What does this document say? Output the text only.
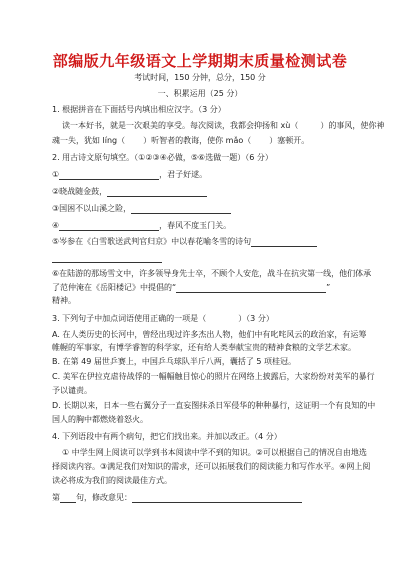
部编版九年级语文上学期期末质量检测试卷
考试时间，150 分钟，总分，150 分
一、积累运用（25 分）
1. 根据拼音在下面括号内填出相应汉字。（3 分）
读一本好书，就是一次艰美的享受。每次阅读，我都会抑扬和 xù（	）的事风，使你神
魂一失，犹如 líng（ ）听智者的教诲，使你 mǎo（ ）塞顿开。
2. 用古诗文原句填空。（①②③④必做，⑤⑥选做一题）（6 分）
①	，君子好逑。
②晓战随金鼓，
③国困不以山溪之险，
④	，春风不度玉门关。
⑤岑参在《白雪歌送武判官归京》中以春花喻冬雪的诗句
⑥在陆游的那场雪文中，许多领导身先士卒，不顾个人安危，战斗在抗灾第一线，他们体承
了范仲淹在《岳阳楼记》中提倡的“	”
精神。
3. 下列句子中加点词语使用正确的一项是（	）（3 分）
A. 在人类历史的长河中，曾经出现过许多杰出人物，他们中有叱咤风云的政治家，有运筹
帷幄的军事家，有博学睿智的科学家，还有给人类奉献宝贵的精神食粮的文学艺术家。
B. 在第 49 届世乒赛上，中国乒乓球队半斤八两，囊括了 5 项桂冠。
C. 美军在伊拉克虐待战俘的一幅幅触目惊心的照片在网络上披露后，大家纷纷对美军的暴行
予以谴责。
D. 长期以来，日本一些右翼分子一直妄图抹杀日军侵华的种种暴行，这证明一个有良知的中
国人的胸中都燃烧着怒火。
4. 下列语段中有两个病句，把它们找出来。并加以改正。（4 分）
① 中学生网上阅读可以学到书本阅读中学不到的知识。②可以根据自己的情况自由地选
择阅读内容。③满足我们对知识的需求，还可以拓展我们的阅读能力和写作水平。④网上阅
读必将成为我们的阅读最佳方式。
第 句，修改意见：
